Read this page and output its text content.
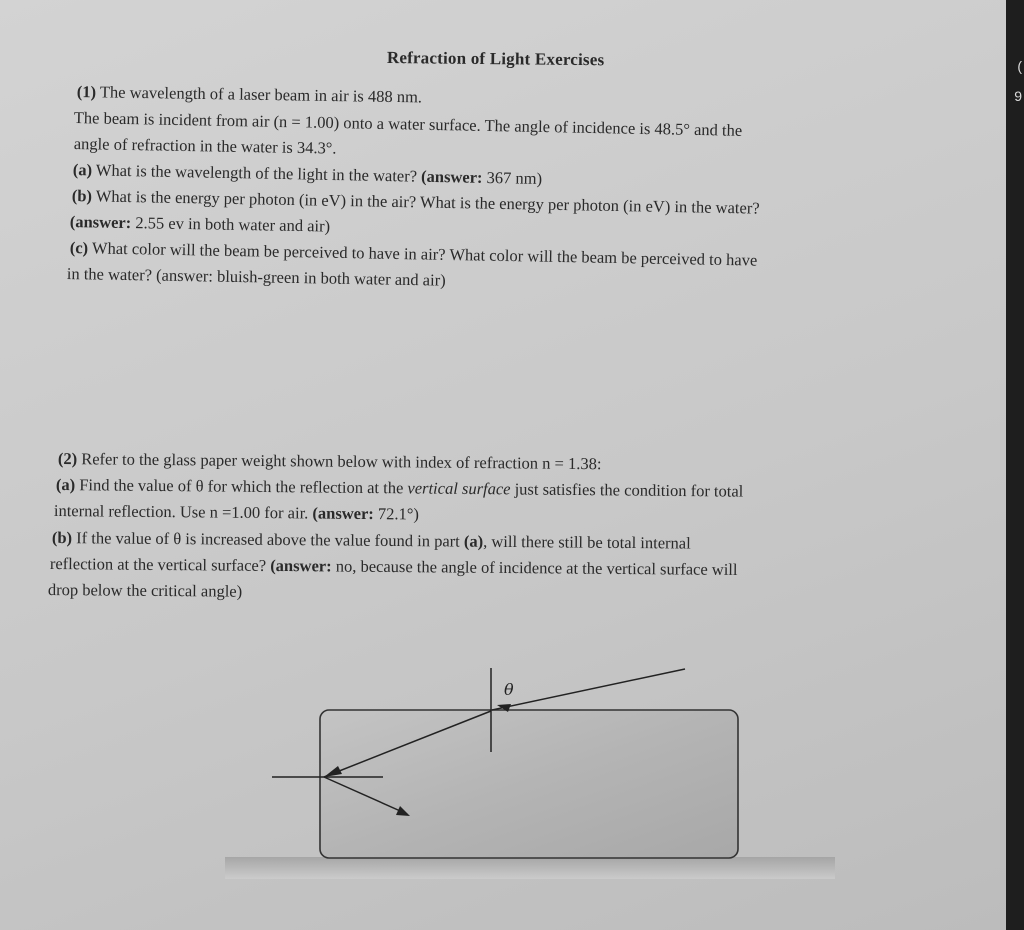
(
9
Refraction of Light Exercises
(1) The wavelength of a laser beam in air is 488 nm.
The beam is incident from air (n = 1.00) onto a water surface. The angle of incidence is 48.5° and the
angle of refraction in the water is 34.3°.
(a) What is the wavelength of the light in the water? (answer: 367 nm)
(b) What is the energy per photon (in eV) in the air? What is the energy per photon (in eV) in the water?
(answer: 2.55 ev in both water and air)
(c) What color will the beam be perceived to have in air? What color will the beam be perceived to have
in the water? (answer: bluish-green in both water and air)
(2) Refer to the glass paper weight shown below with index of refraction n = 1.38:
(a) Find the value of θ for which the reflection at the vertical surface just satisfies the condition for total
internal reflection. Use n =1.00 for air. (answer: 72.1°)
(b) If the value of θ is increased above the value found in part (a), will there still be total internal
reflection at the vertical surface? (answer: no, because the angle of incidence at the vertical surface will
drop below the critical angle)
θ
